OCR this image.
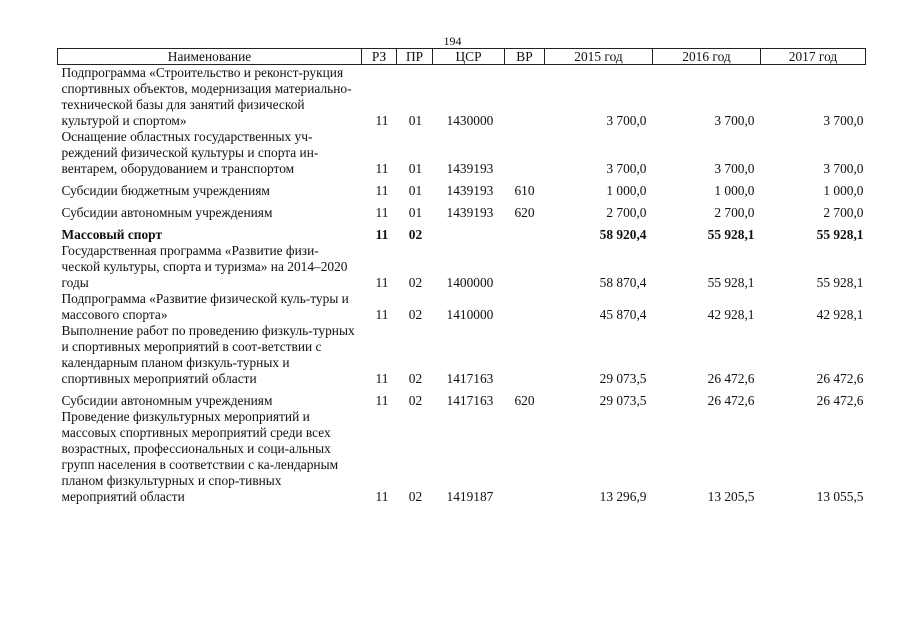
194
Наименование	РЗ	ПР	ЦСР	ВР	2015 год	2016 год	2017 год
Подпрограмма «Строительство и реконст-рукция спортивных объектов, модернизация материально-технической базы для занятий физической культурой и спортом»	11	01	1430000		3 700,0	3 700,0	3 700,0
Оснащение областных государственных уч-реждений физической культуры и спорта ин-вентарем, оборудованием и транспортом	11	01	1439193		3 700,0	3 700,0	3 700,0
Субсидии бюджетным учреждениям	11	01	1439193	610	1 000,0	1 000,0	1 000,0
Субсидии автономным учреждениям	11	01	1439193	620	2 700,0	2 700,0	2 700,0
Массовый спорт	11	02			58 920,4	55 928,1	55 928,1
Государственная программа «Развитие физи-ческой культуры, спорта и туризма» на 2014–2020 годы	11	02	1400000		58 870,4	55 928,1	55 928,1
Подпрограмма «Развитие физической куль-туры и массового спорта»	11	02	1410000		45 870,4	42 928,1	42 928,1
Выполнение работ по проведению физкуль-турных и спортивных мероприятий в соот-ветствии с календарным планом физкуль-турных и спортивных мероприятий области	11	02	1417163		29 073,5	26 472,6	26 472,6
Субсидии автономным учреждениям	11	02	1417163	620	29 073,5	26 472,6	26 472,6
Проведение физкультурных мероприятий и массовых спортивных мероприятий среди всех возрастных, профессиональных и соци-альных групп населения в соответствии с ка-лендарным планом физкультурных и спор-тивных мероприятий области	11	02	1419187		13 296,9	13 205,5	13 055,5
